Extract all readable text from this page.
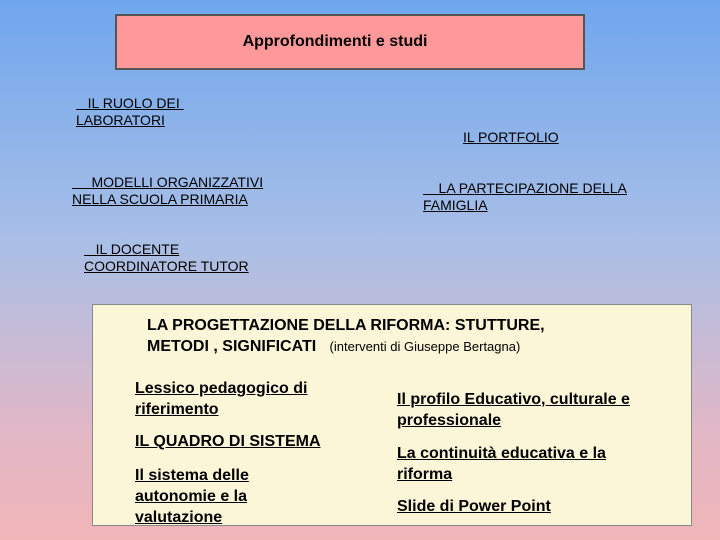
Approfondimenti e studi
IL RUOLO DEI
LABORATORI
IL PORTFOLIO
MODELLI ORGANIZZATIVI
NELLA SCUOLA PRIMARIA
LA PARTECIPAZIONE DELLA
FAMIGLIA
IL DOCENTE
COORDINATORE TUTOR
LA PROGETTAZIONE DELLA RIFORMA: STUTTURE,
METODI , SIGNIFICATI (interventi di Giuseppe Bertagna)
Lessico pedagogico di
riferimento
IL QUADRO DI SISTEMA
Il sistema delle
autonomie e la
valutazione
Il profilo Educativo, culturale e
professionale
La continuità educativa e la
riforma
Slide di Power Point
